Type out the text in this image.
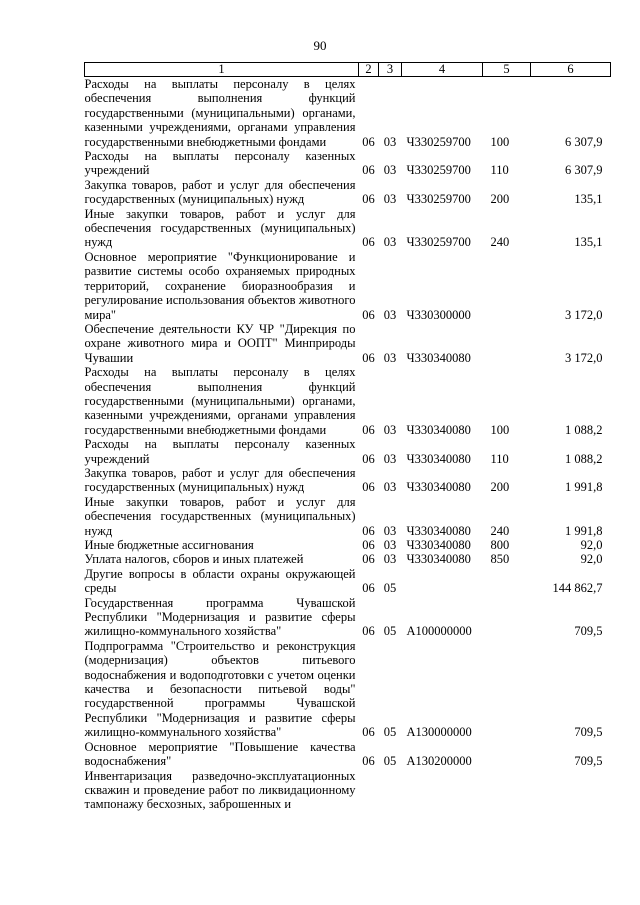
90
1	2	3	4	5	6
Расходы на выплаты персоналу в целях обеспечения выполнения функций государственными (муниципальными) органами, казенными учреждениями, органами управления государственными внебюджетными фондами	06	03	Ч330259700	100	6 307,9
Расходы на выплаты персоналу казенных учреждений	06	03	Ч330259700	110	6 307,9
Закупка товаров, работ и услуг для обеспечения государственных (муниципальных) нужд	06	03	Ч330259700	200	135,1
Иные закупки товаров, работ и услуг для обеспечения государственных (муниципальных) нужд	06	03	Ч330259700	240	135,1
Основное мероприятие "Функционирование и развитие системы особо охраняемых природных территорий, сохранение биоразнообразия и регулирование использования объектов животного мира"	06	03	Ч330300000		3 172,0
Обеспечение деятельности КУ ЧР "Дирекция по охране животного мира и ООПТ" Минприроды Чувашии	06	03	Ч330340080		3 172,0
Расходы на выплаты персоналу в целях обеспечения выполнения функций государственными (муниципальными) органами, казенными учреждениями, органами управления государственными внебюджетными фондами	06	03	Ч330340080	100	1 088,2
Расходы на выплаты персоналу казенных учреждений	06	03	Ч330340080	110	1 088,2
Закупка товаров, работ и услуг для обеспечения государственных (муниципальных) нужд	06	03	Ч330340080	200	1 991,8
Иные закупки товаров, работ и услуг для обеспечения государственных (муниципальных) нужд	06	03	Ч330340080	240	1 991,8
Иные бюджетные ассигнования	06	03	Ч330340080	800	92,0
Уплата налогов, сборов и иных платежей	06	03	Ч330340080	850	92,0
Другие вопросы в области охраны окружающей среды	06	05			144 862,7
Государственная программа Чувашской Республики "Модернизация и развитие сферы жилищно-коммунального хозяйства"	06	05	A100000000		709,5
Подпрограмма "Строительство и реконструкция (модернизация) объектов питьевого водоснабжения и водоподготовки с учетом оценки качества и безопасности питьевой воды" государственной программы Чувашской Республики "Модернизация и развитие сферы жилищно-коммунального хозяйства"	06	05	A130000000		709,5
Основное мероприятие "Повышение качества водоснабжения"	06	05	A130200000		709,5
Инвентаризация разведочно-эксплуатационных скважин и проведение работ по ликвидационному тампонажу бесхозных, заброшенных и					
